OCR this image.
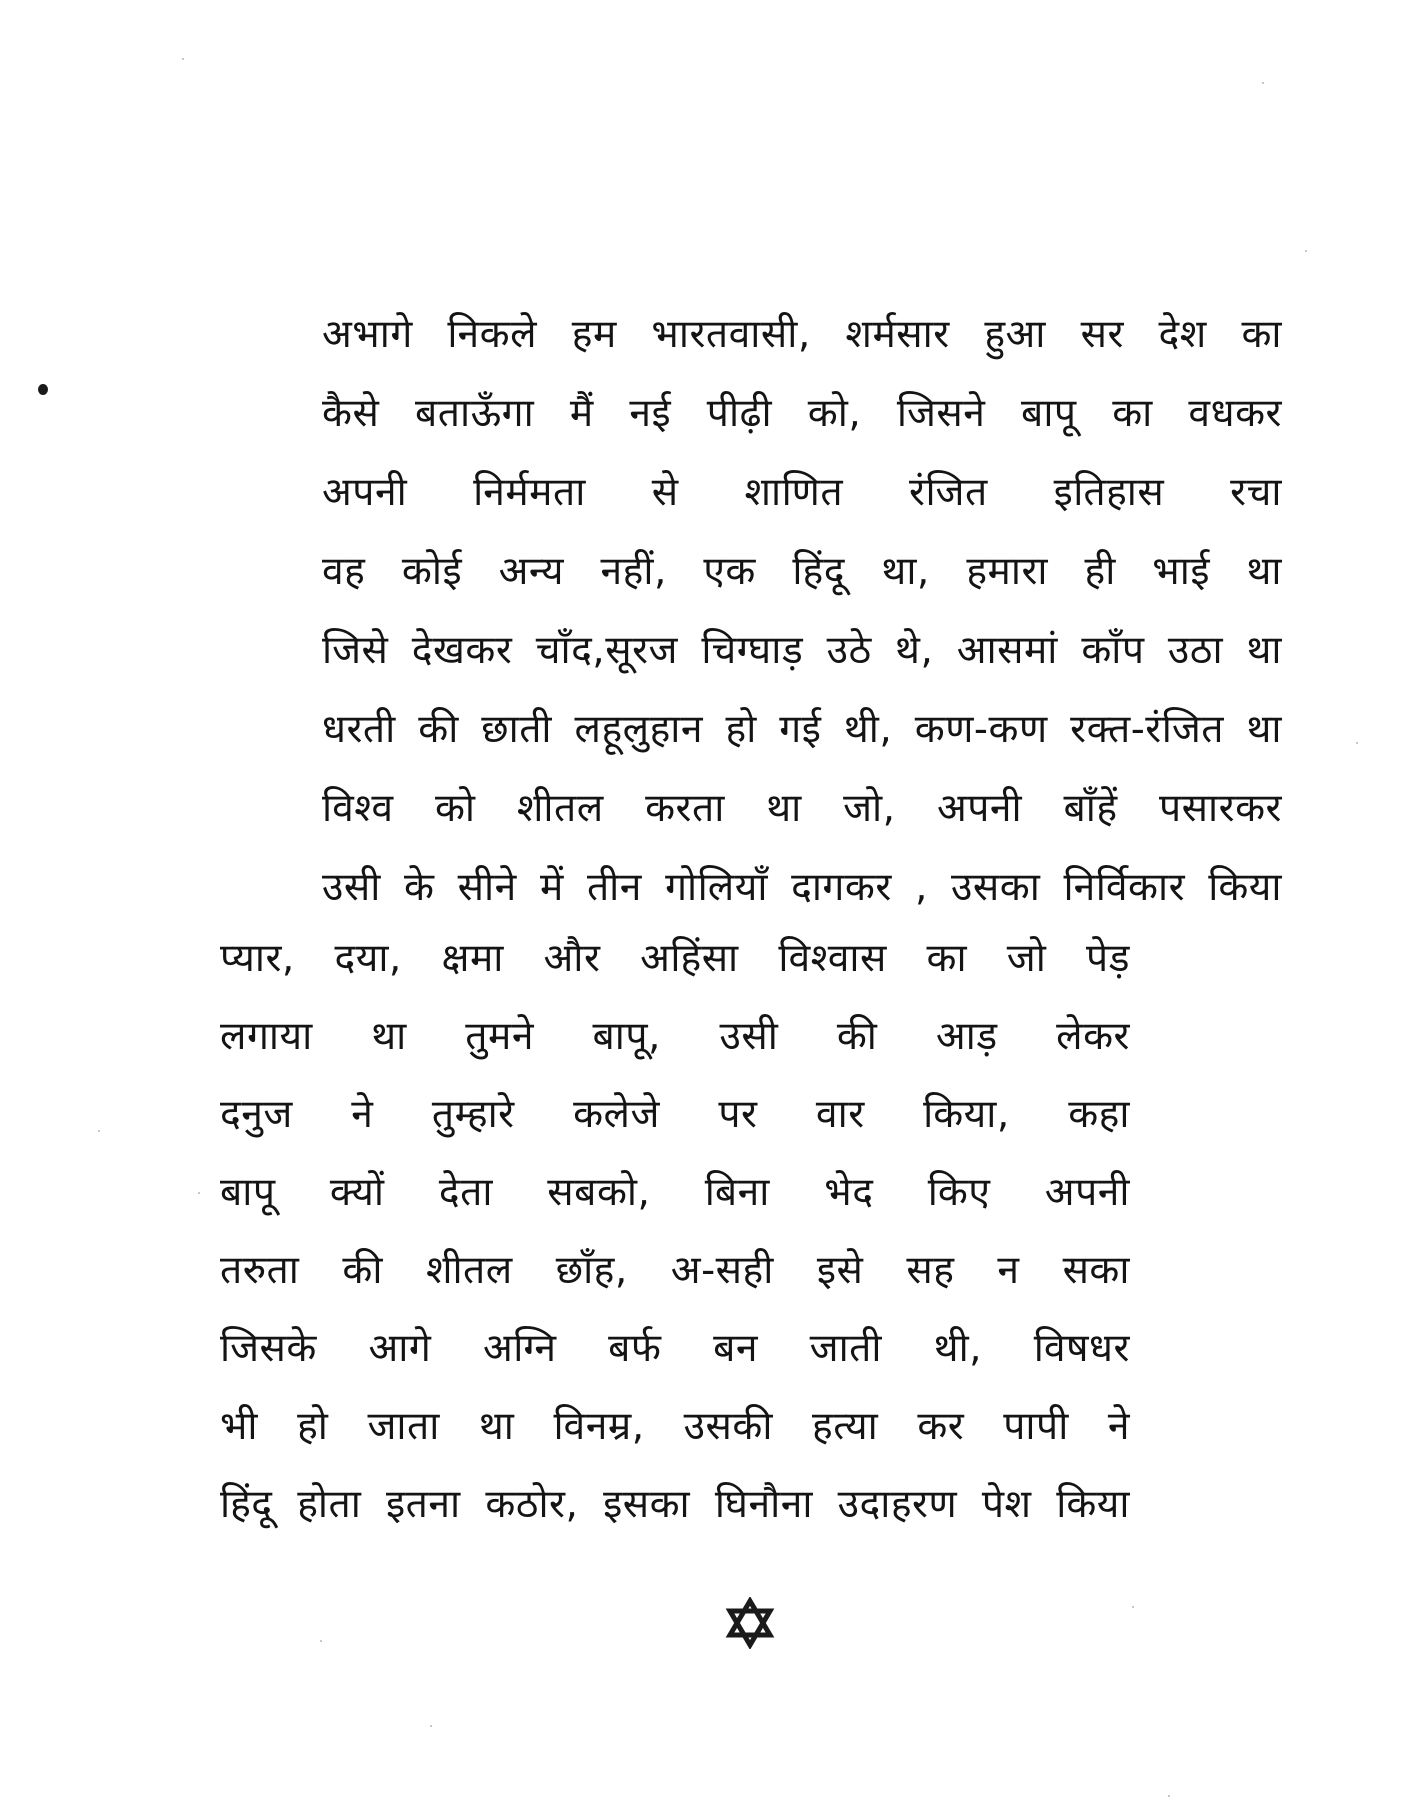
अभागे निकले हम भारतवासी, शर्मसार हुआ सर देश का
कैसे बताऊँगा मैं नई पीढ़ी को, जिसने बापू का वधकर
अपनी निर्ममता से शाणित रंजित इतिहास रचा
वह कोई अन्य नहीं, एक हिंदू था, हमारा ही भाई था
जिसे देखकर चाँद,सूरज चिग्घाड़ उठे थे, आसमां काँप उठा था
धरती की छाती लहूलुहान हो गई थी, कण-कण रक्त-रंजित था
विश्व को शीतल करता था जो, अपनी बाँहें पसारकर
उसी के सीने में तीन गोलियाँ दागकर , उसका निर्विकार किया
प्यार, दया, क्षमा और अहिंसा विश्वास का जो पेड़
लगाया था तुमने बापू, उसी की आड़ लेकर
दनुज ने तुम्हारे कलेजे पर वार किया, कहा
बापू क्यों देता सबको, बिना भेद किए अपनी
तरुता की शीतल छाँह, अ-सही इसे सह न सका
जिसके आगे अग्नि बर्फ बन जाती थी, विषधर
भी हो जाता था विनम्र, उसकी हत्या कर पापी ने
हिंदू होता इतना कठोर, इसका घिनौना उदाहरण पेश किया
